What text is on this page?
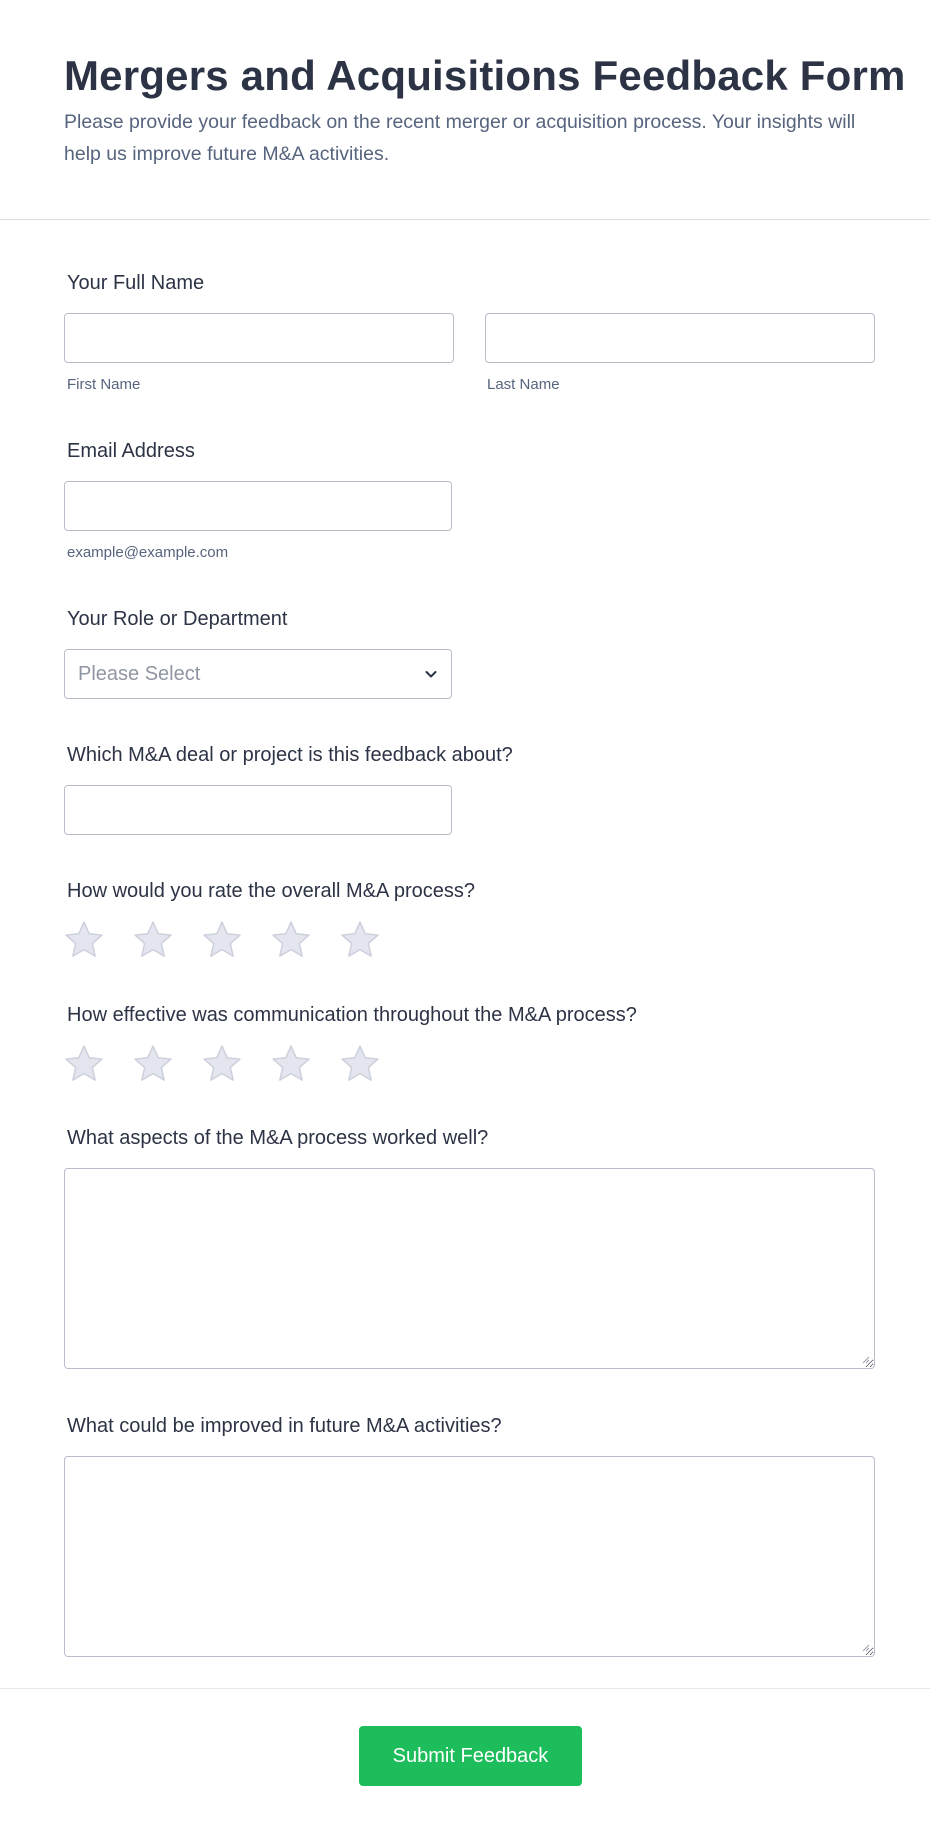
Mergers and Acquisitions Feedback Form

Please provide your feedback on the recent merger or acquisition process. Your insights will help us improve future M&A activities.

Your Full Name
First Name	Last Name
Email Address
example@example.com
Your Role or Department
Please Select
Which M&A deal or project is this feedback about?
How would you rate the overall M&A process?
How effective was communication throughout the M&A process?
What aspects of the M&A process worked well?
What could be improved in future M&A activities?
Submit Feedback
